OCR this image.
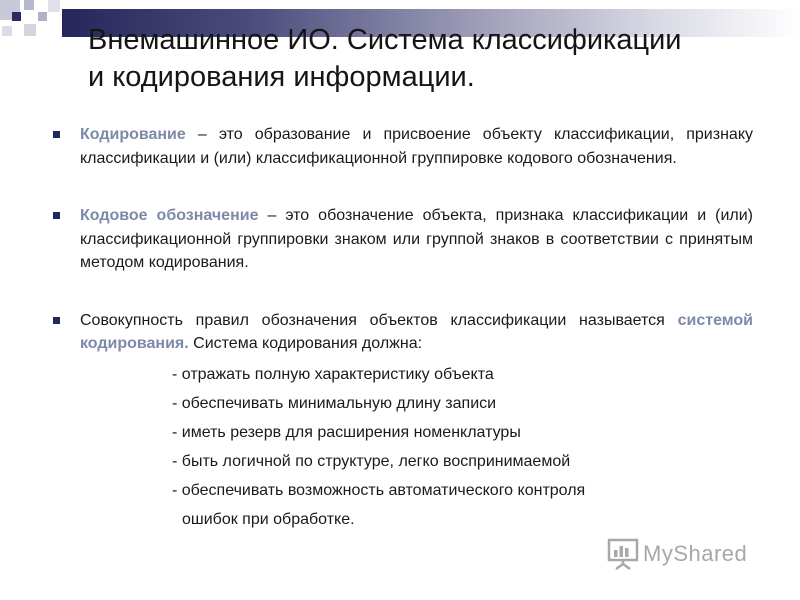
Внемашинное ИО. Система классификации
и кодирования информации.
Кодирование – это образование и присвоение объекту классификации, признаку классификации и (или) классификационной группировке кодового обозначения.
Кодовое обозначение – это обозначение объекта, признака классификации и (или) классификационной группировки знаком или группой знаков в соответствии с принятым методом кодирования.
Совокупность правил обозначения объектов классификации называется системой кодирования. Система кодирования должна:
- отражать полную характеристику объекта
- обеспечивать минимальную длину записи
- иметь резерв для расширения номенклатуры
- быть логичной по структуре, легко воспринимаемой
- обеспечивать возможность автоматического контроля
ошибок при обработке.
MyShared
